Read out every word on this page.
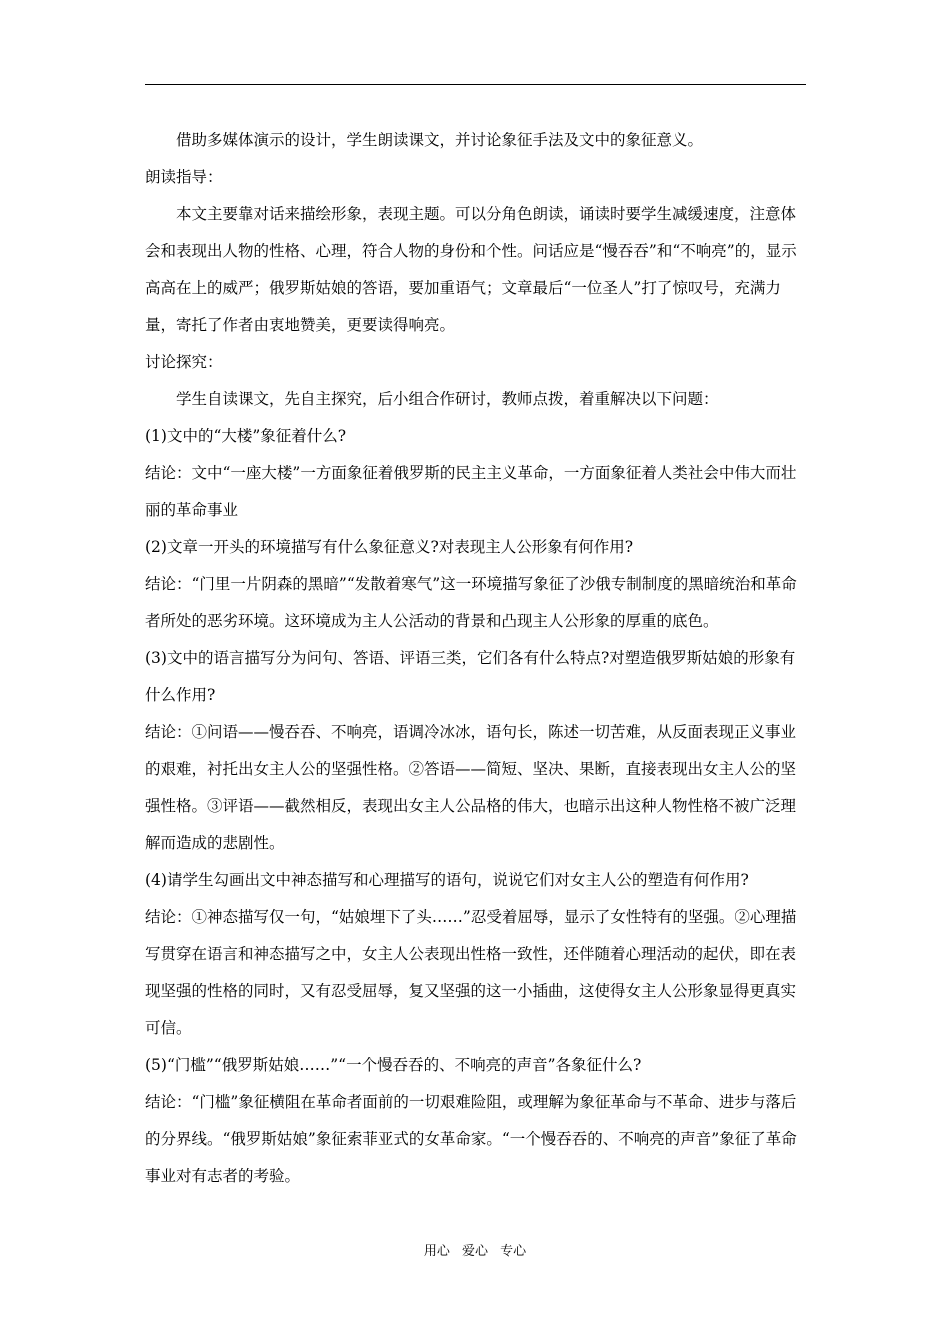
借助多媒体演示的设计，学生朗读课文，并讨论象征手法及文中的象征意义。

朗读指导：

本文主要靠对话来描绘形象，表现主题。可以分角色朗读，诵读时要学生减缓速度，注意体会和表现出人物的性格、心理，符合人物的身份和个性。问话应是“慢吞吞”和“不响亮”的，显示高高在上的威严；俄罗斯姑娘的答语，要加重语气；文章最后“一位圣人”打了惊叹号，充满力量，寄托了作者由衷地赞美，更要读得响亮。

讨论探究：

学生自读课文，先自主探究，后小组合作研讨，教师点拨，着重解决以下问题：

(1)文中的“大楼”象征着什么?

结论：文中“一座大楼”一方面象征着俄罗斯的民主主义革命，一方面象征着人类社会中伟大而壮丽的革命事业

(2)文章一开头的环境描写有什么象征意义?对表现主人公形象有何作用?

结论：“门里一片阴森的黑暗”“发散着寒气”这一环境描写象征了沙俄专制制度的黑暗统治和革命者所处的恶劣环境。这环境成为主人公活动的背景和凸现主人公形象的厚重的底色。

(3)文中的语言描写分为问句、答语、评语三类，它们各有什么特点?对塑造俄罗斯姑娘的形象有什么作用?

结论：①问语——慢吞吞、不响亮，语调冷冰冰，语句长，陈述一切苦难，从反面表现正义事业的艰难，衬托出女主人公的坚强性格。②答语——简短、坚决、果断，直接表现出女主人公的坚强性格。③评语——截然相反，表现出女主人公品格的伟大，也暗示出这种人物性格不被广泛理解而造成的悲剧性。

(4)请学生勾画出文中神态描写和心理描写的语句，说说它们对女主人公的塑造有何作用?

结论：①神态描写仅一句，“姑娘埋下了头……”忍受着屈辱，显示了女性特有的坚强。②心理描写贯穿在语言和神态描写之中，女主人公表现出性格一致性，还伴随着心理活动的起伏，即在表现坚强的性格的同时，又有忍受屈辱，复又坚强的这一小插曲，这使得女主人公形象显得更真实可信。

(5)“门槛”“俄罗斯姑娘……”“一个慢吞吞的、不响亮的声音”各象征什么?

结论：“门槛”象征横阻在革命者面前的一切艰难险阻，或理解为象征革命与不革命、进步与落后的分界线。“俄罗斯姑娘”象征索菲亚式的女革命家。“一个慢吞吞的、不响亮的声音”象征了革命事业对有志者的考验。

用心 爱心 专心
